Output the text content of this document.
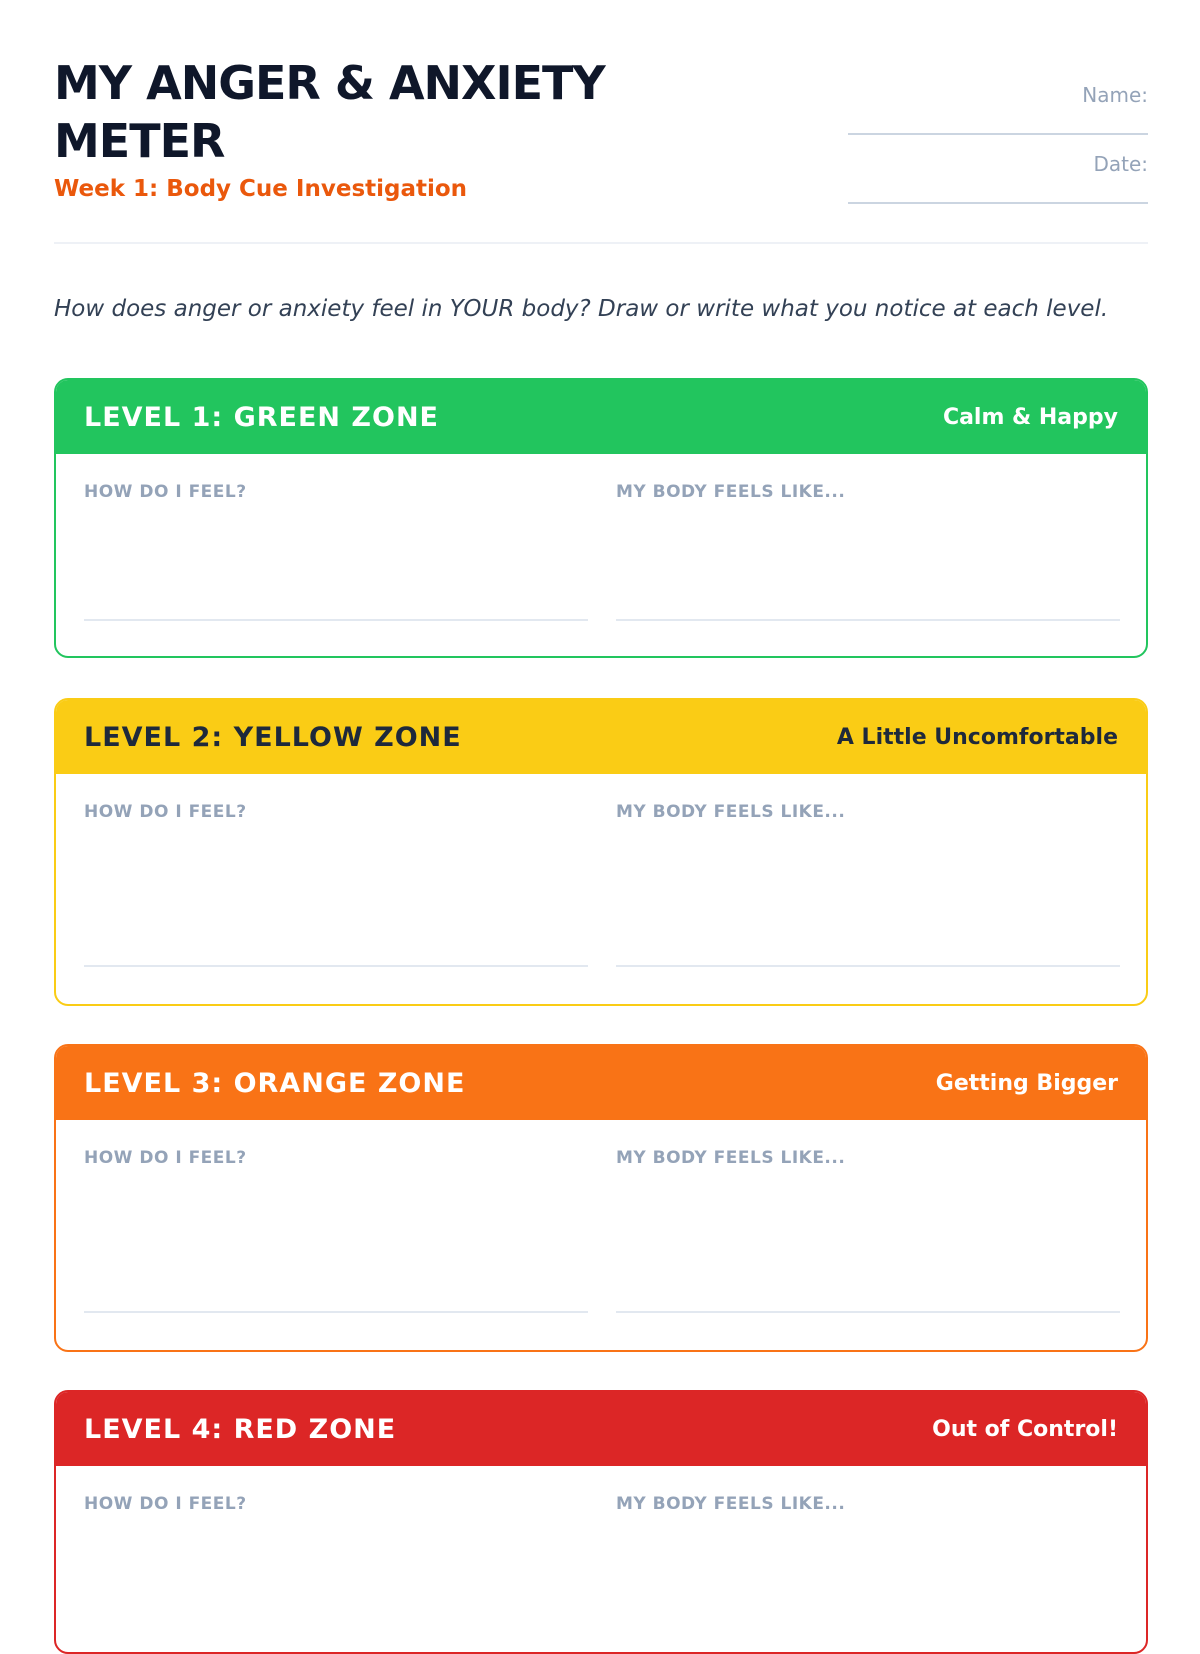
MY ANGER & ANXIETY METER

Week 1: Body Cue Investigation

Name:
Date:
How does anger or anxiety feel in YOUR body? Draw or write what you notice at each level.
LEVEL 1: GREEN ZONE	Calm & Happy
HOW DO I FEEL?	MY BODY FEELS LIKE...
LEVEL 2: YELLOW ZONE	A Little Uncomfortable
HOW DO I FEEL?	MY BODY FEELS LIKE...
LEVEL 3: ORANGE ZONE	Getting Bigger
HOW DO I FEEL?	MY BODY FEELS LIKE...
LEVEL 4: RED ZONE	Out of Control!
HOW DO I FEEL?	MY BODY FEELS LIKE...
